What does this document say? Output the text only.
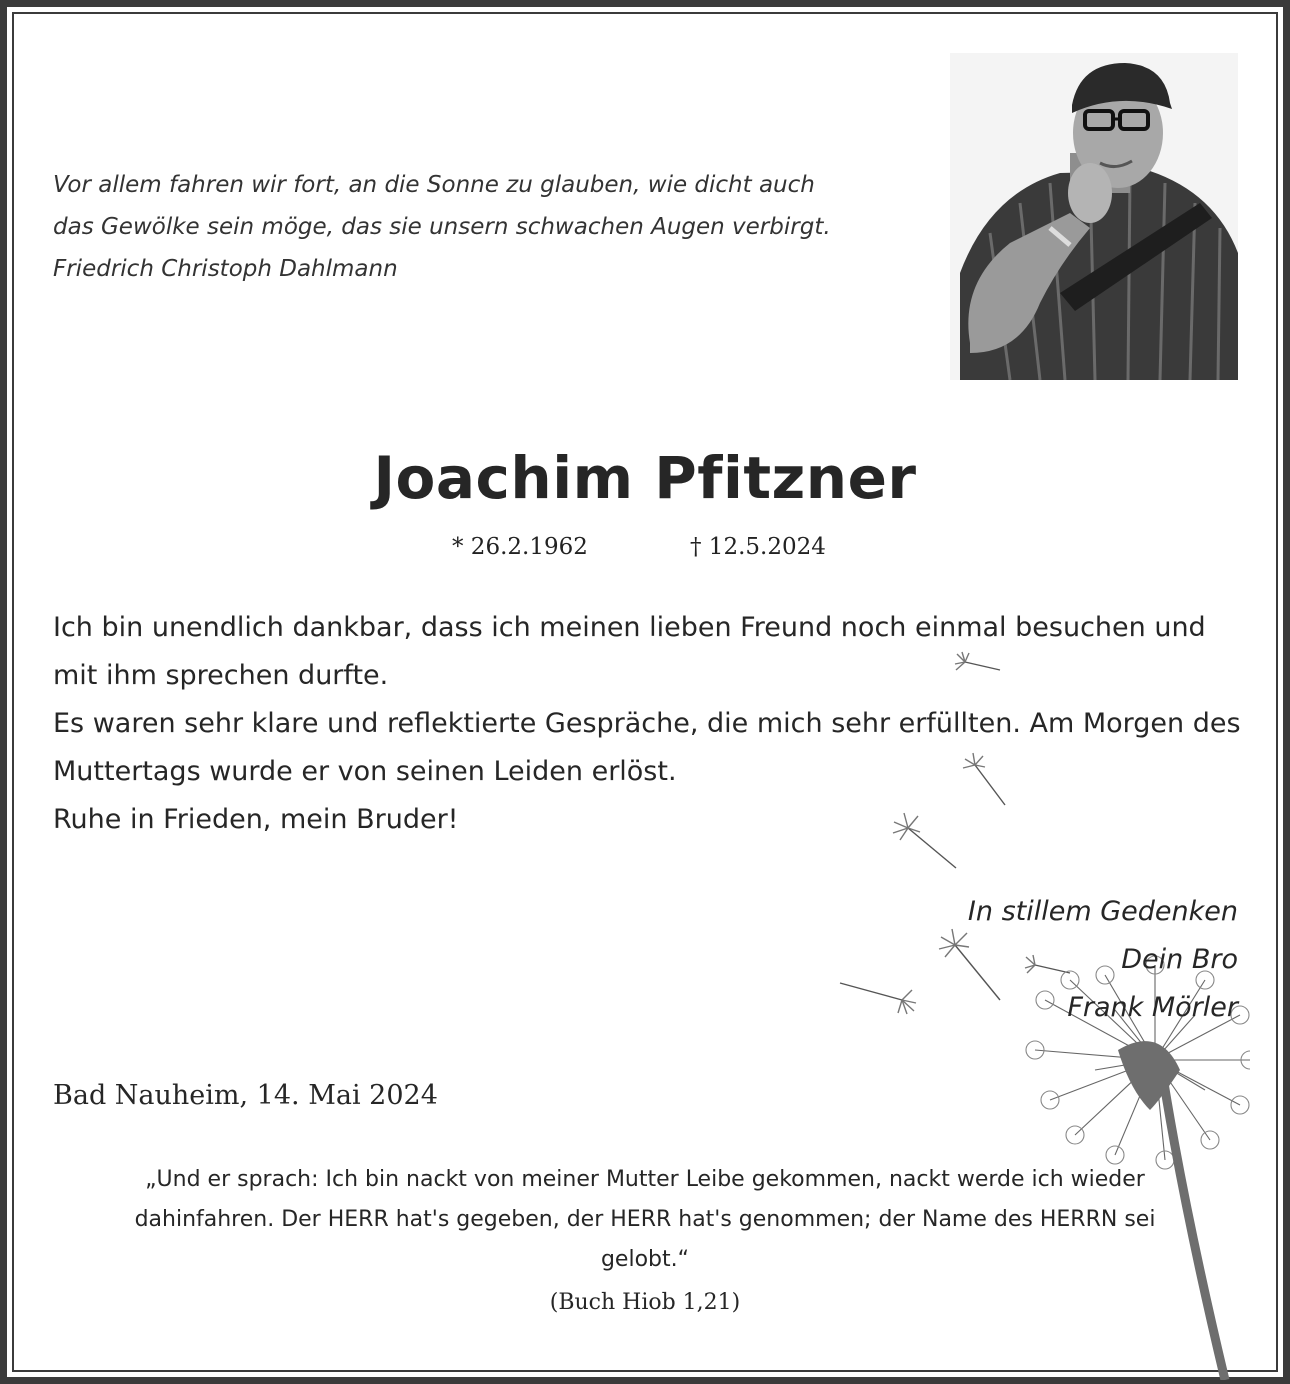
Vor allem fahren wir fort, an die Sonne zu glauben, wie dicht auch
das Gewölke sein möge, das sie unsern schwachen Augen verbirgt.
Friedrich Christoph Dahlmann
Joachim Pfitzner
* 26.2.1962	† 12.5.2024
Ich bin unendlich dankbar, dass ich meinen lieben Freund noch einmal besuchen und
mit ihm sprechen durfte.
Es waren sehr klare und reflektierte Gespräche, die mich sehr erfüllten. Am Morgen des
Muttertags wurde er von seinen Leiden erlöst.
Ruhe in Frieden, mein Bruder!
In stillem Gedenken
Dein Bro
Frank Mörler
Bad Nauheim, 14. Mai 2024
„Und er sprach: Ich bin nackt von meiner Mutter Leibe gekommen, nackt werde ich wieder
dahinfahren. Der HERR hat's gegeben, der HERR hat's genommen; der Name des HERRN sei
gelobt.“
(Buch Hiob 1,21)
